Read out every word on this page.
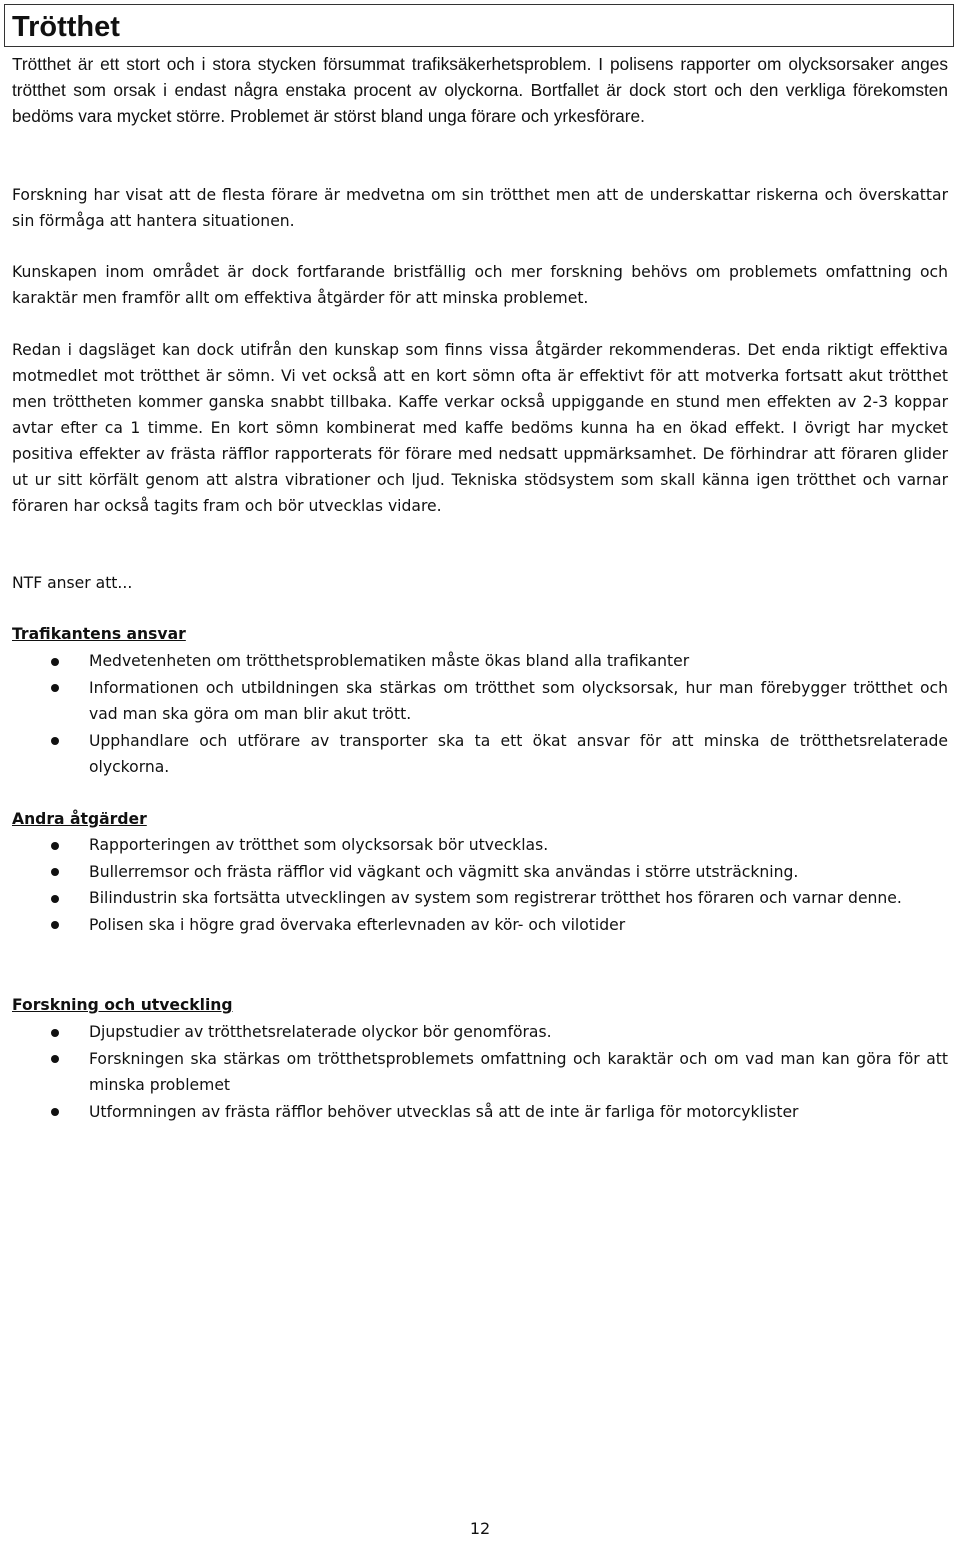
Trötthet

Trötthet är ett stort och i stora stycken försummat trafiksäkerhetsproblem. I polisens rapporter om olycksorsaker anges trötthet som orsak i endast några enstaka procent av olyckorna. Bortfallet är dock stort och den verkliga förekomsten bedöms vara mycket större. Problemet är störst bland unga förare och yrkesförare.

Forskning har visat att de flesta förare är medvetna om sin trötthet men att de underskattar riskerna och överskattar sin förmåga att hantera situationen.

Kunskapen inom området är dock fortfarande bristfällig och mer forskning behövs om problemets omfattning och karaktär men framför allt om effektiva åtgärder för att minska problemet.

Redan i dagsläget kan dock utifrån den kunskap som finns vissa åtgärder rekommenderas. Det enda riktigt effektiva motmedlet mot trötthet är sömn. Vi vet också att en kort sömn ofta är effektivt för att motverka fortsatt akut trötthet men tröttheten kommer ganska snabbt tillbaka. Kaffe verkar också uppiggande en stund men effekten av 2-3 koppar avtar efter ca 1 timme. En kort sömn kombinerat med kaffe bedöms kunna ha en ökad effekt. I övrigt har mycket positiva effekter av frästa räfflor rapporterats för förare med nedsatt uppmärksamhet. De förhindrar att föraren glider ut ur sitt körfält genom att alstra vibrationer och ljud. Tekniska stödsystem som skall känna igen trötthet och varnar föraren har också tagits fram och bör utvecklas vidare.

NTF anser att...

Trafikantens ansvar
Medvetenheten om trötthetsproblematiken måste ökas bland alla trafikanter
Informationen och utbildningen ska stärkas om trötthet som olycksorsak, hur man förebygger trötthet och vad man ska göra om man blir akut trött.
Upphandlare och utförare av transporter ska ta ett ökat ansvar för att minska de trötthetsrelaterade olyckorna.
Andra åtgärder
Rapporteringen av trötthet som olycksorsak bör utvecklas.
Bullerremsor och frästa räfflor vid vägkant och vägmitt ska användas i större utsträckning.
Bilindustrin ska fortsätta utvecklingen av system som registrerar trötthet hos föraren och varnar denne.
Polisen ska i högre grad övervaka efterlevnaden av kör- och vilotider
Forskning och utveckling
Djupstudier av trötthetsrelaterade olyckor bör genomföras.
Forskningen ska stärkas om trötthetsproblemets omfattning och karaktär och om vad man kan göra för att minska problemet
Utformningen av frästa räfflor behöver utvecklas så att de inte är farliga för motorcyklister
12
